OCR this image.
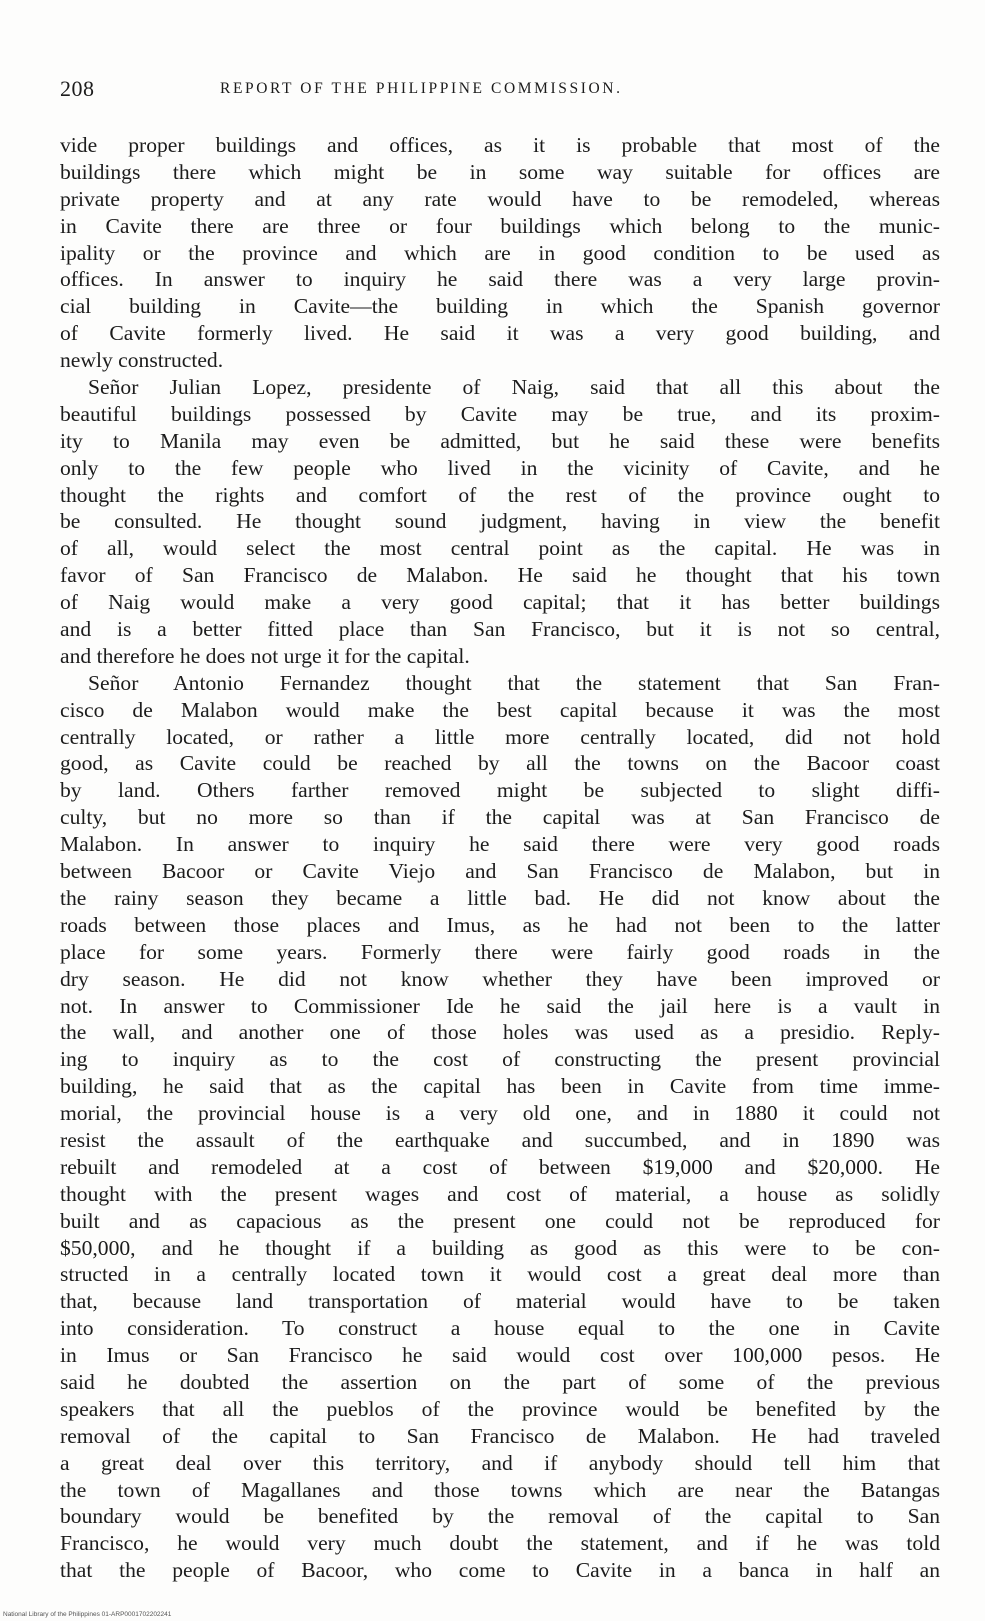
208	REPORT OF THE PHILIPPINE COMMISSION.
vide proper buildings and offices, as it is probable that most of the
buildings there which might be in some way suitable for offices are
private property and at any rate would have to be remodeled, whereas
in Cavite there are three or four buildings which belong to the munic-
ipality or the province and which are in good condition to be used as
offices. In answer to inquiry he said there was a very large provin-
cial building in Cavite—the building in which the Spanish governor
of Cavite formerly lived. He said it was a very good building, and
newly constructed.
Señor Julian Lopez, presidente of Naig, said that all this about the
beautiful buildings possessed by Cavite may be true, and its proxim-
ity to Manila may even be admitted, but he said these were benefits
only to the few people who lived in the vicinity of Cavite, and he
thought the rights and comfort of the rest of the province ought to
be consulted. He thought sound judgment, having in view the benefit
of all, would select the most central point as the capital. He was in
favor of San Francisco de Malabon. He said he thought that his town
of Naig would make a very good capital; that it has better buildings
and is a better fitted place than San Francisco, but it is not so central,
and therefore he does not urge it for the capital.
Señor Antonio Fernandez thought that the statement that San Fran-
cisco de Malabon would make the best capital because it was the most
centrally located, or rather a little more centrally located, did not hold
good, as Cavite could be reached by all the towns on the Bacoor coast
by land. Others farther removed might be subjected to slight diffi-
culty, but no more so than if the capital was at San Francisco de
Malabon. In answer to inquiry he said there were very good roads
between Bacoor or Cavite Viejo and San Francisco de Malabon, but in
the rainy season they became a little bad. He did not know about the
roads between those places and Imus, as he had not been to the latter
place for some years. Formerly there were fairly good roads in the
dry season. He did not know whether they have been improved or
not. In answer to Commissioner Ide he said the jail here is a vault in
the wall, and another one of those holes was used as a presidio. Reply-
ing to inquiry as to the cost of constructing the present provincial
building, he said that as the capital has been in Cavite from time imme-
morial, the provincial house is a very old one, and in 1880 it could not
resist the assault of the earthquake and succumbed, and in 1890 was
rebuilt and remodeled at a cost of between $19,000 and $20,000. He
thought with the present wages and cost of material, a house as solidly
built and as capacious as the present one could not be reproduced for
$50,000, and he thought if a building as good as this were to be con-
structed in a centrally located town it would cost a great deal more than
that, because land transportation of material would have to be taken
into consideration. To construct a house equal to the one in Cavite
in Imus or San Francisco he said would cost over 100,000 pesos. He
said he doubted the assertion on the part of some of the previous
speakers that all the pueblos of the province would be benefited by the
removal of the capital to San Francisco de Malabon. He had traveled
a great deal over this territory, and if anybody should tell him that
the town of Magallanes and those towns which are near the Batangas
boundary would be benefited by the removal of the capital to San
Francisco, he would very much doubt the statement, and if he was told
that the people of Bacoor, who come to Cavite in a banca in half an
National Library of the Philippines 01-ARP0001702202241
